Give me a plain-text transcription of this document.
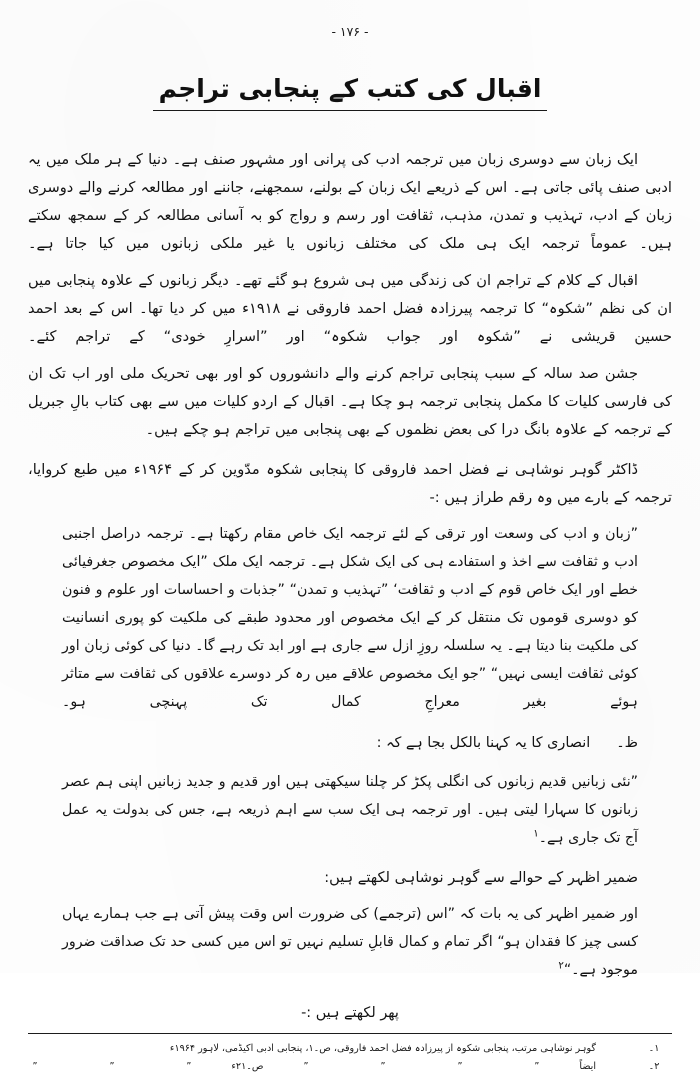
- ۱۷۶ -
اقبال کی کتب کے پنجابی تراجم

ایک زبان سے دوسری زبان میں ترجمہ ادب کی پرانی اور مشہور صنف ہے۔ دنیا کے ہر ملک میں یہ ادبی صنف پائی جاتی ہے۔ اس کے ذریعے ایک زبان کے بولنے، سمجھنے، جاننے اور مطالعہ کرنے والے دوسری زبان کے ادب، تہذیب و تمدن، مذہب، ثقافت اور رسم و رواج کو بہ آسانی مطالعہ کر کے سمجھ سکتے ہیں۔ عموماً ترجمہ ایک ہی ملک کی مختلف زبانوں یا غیر ملکی زبانوں میں کیا جاتا ہے۔

اقبال کے کلام کے تراجم ان کی زندگی میں ہی شروع ہو گئے تھے۔ دیگر زبانوں کے علاوہ پنجابی میں ان کی نظم ”شکوہ“ کا ترجمہ پیرزادہ فضل احمد فاروقی نے ۱۹۱۸ء میں کر دیا تھا۔ اس کے بعد احمد حسین قریشی نے ”شکوہ اور جواب شکوہ“ اور ”اسرارِ خودی“ کے تراجم کئے۔

جشن صد سالہ کے سبب پنجابی تراجم کرنے والے دانشوروں کو اور بھی تحریک ملی اور اب تک ان کی فارسی کلیات کا مکمل پنجابی ترجمہ ہو چکا ہے۔ اقبال کے اردو کلیات میں سے بھی کتاب بالِ جبریل کے ترجمہ کے علاوہ بانگ درا کی بعض نظموں کے بھی پنجابی میں تراجم ہو چکے ہیں۔

ڈاکٹر گوہر نوشاہی نے فضل احمد فاروقی کا پنجابی شکوہ مدّوین کر کے ۱۹۶۴ء میں طبع کروایا، ترجمہ کے بارے میں وہ رقم طراز ہیں :-

”زبان و ادب کی وسعت اور ترقی کے لئے ترجمہ ایک خاص مقام رکھتا ہے۔ ترجمہ دراصل اجنبی ادب و ثقافت سے اخذ و استفادے ہی کی ایک شکل ہے۔ ترجمہ ایک ملک ”ایک مخصوص جغرفیائی خطے اور ایک خاص قوم کے ادب و ثقافت‘ ”تہذیب و تمدن“ ”جذبات و احساسات اور علوم و فنون کو دوسری قوموں تک منتقل کر کے ایک مخصوص اور محدود طبقے کی ملکیت کو پوری انسانیت کی ملکیت بنا دیتا ہے۔ یہ سلسلہ روزِ ازل سے جاری ہے اور ابد تک رہے گا۔ دنیا کی کوئی زبان اور کوئی ثقافت ایسی نہیں“ ”جو ایک مخصوص علاقے میں رہ کر دوسرے علاقوں کی ثقافت سے متاثر ہوئے بغیر معراجِ کمال تک پہنچی ہو۔
ظ۔
انصاری کا یہ کہنا بالکل بجا ہے کہ :
”نئی زبانیں قدیم زبانوں کی انگلی پکڑ کر چلنا سیکھتی ہیں اور قدیم و جدید زبانیں اپنی ہم عصر زبانوں کا سہارا لیتی ہیں۔ اور ترجمہ ہی ایک سب سے اہم ذریعہ ہے، جس کی بدولت یہ عمل آج تک جاری ہے۔$^۱$

ضمیر اظہر کے حوالے سے گوہر نوشاہی لکھتے ہیں:

اور ضمیر اظہر کی یہ بات کہ ”اس (ترجمے) کی ضرورت اس وقت پیش آتی ہے جب ہمارے یہاں کسی چیز کا فقدان ہو“ اگر تمام و کمال قابلِ تسلیم نہیں تو اس میں کسی حد تک صداقت ضرور موجود ہے۔“$^۲$
پھر لکھتے ہیں :-
۱۔
گوہر نوشاہی مرتب، پنجابی شکوہ از پیرزادہ فضل احمد فاروقی، ص۔۱، پنجابی ادبی اکیڈمی، لاہور ۱۹۶۴ء
۲۔
ایضاً””””ص۔۲۱ء”””
